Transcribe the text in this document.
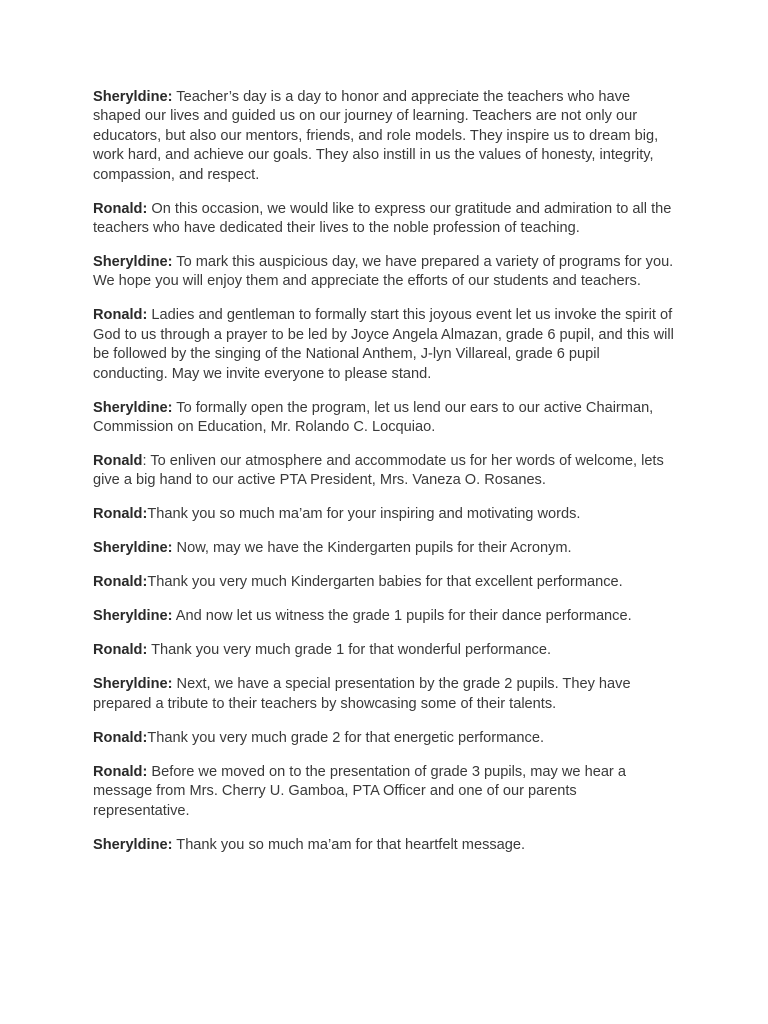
Sheryldine: Teacher’s day is a day to honor and appreciate the teachers who have shaped our lives and guided us on our journey of learning. Teachers are not only our educators, but also our mentors, friends, and role models. They inspire us to dream big, work hard, and achieve our goals. They also instill in us the values of honesty, integrity, compassion, and respect.

Ronald: On this occasion, we would like to express our gratitude and admiration to all the teachers who have dedicated their lives to the noble profession of teaching.

Sheryldine: To mark this auspicious day, we have prepared a variety of programs for you. We hope you will enjoy them and appreciate the efforts of our students and teachers.

Ronald: Ladies and gentleman to formally start this joyous event let us invoke the spirit of God to us through a prayer to be led by Joyce Angela Almazan, grade 6 pupil, and this will be followed by the singing of the National Anthem, J-lyn Villareal, grade 6 pupil conducting. May we invite everyone to please stand.

Sheryldine: To formally open the program, let us lend our ears to our active Chairman, Commission on Education, Mr. Rolando C. Locquiao.

Ronald: To enliven our atmosphere and accommodate us for her words of welcome, lets give a big hand to our active PTA President, Mrs. Vaneza O. Rosanes.

Ronald:Thank you so much ma’am for your inspiring and motivating words.

Sheryldine: Now, may we have the Kindergarten pupils for their Acronym.

Ronald:Thank you very much Kindergarten babies for that excellent performance.

Sheryldine: And now let us witness the grade 1 pupils for their dance performance.

Ronald: Thank you very much grade 1 for that wonderful performance.

Sheryldine: Next, we have a special presentation by the grade 2 pupils. They have prepared a tribute to their teachers by showcasing some of their talents.

Ronald:Thank you very much grade 2 for that energetic performance.

Ronald: Before we moved on to the presentation of grade 3 pupils, may we hear a message from Mrs. Cherry U. Gamboa, PTA Officer and one of our parents representative.

Sheryldine: Thank you so much ma’am for that heartfelt message.
